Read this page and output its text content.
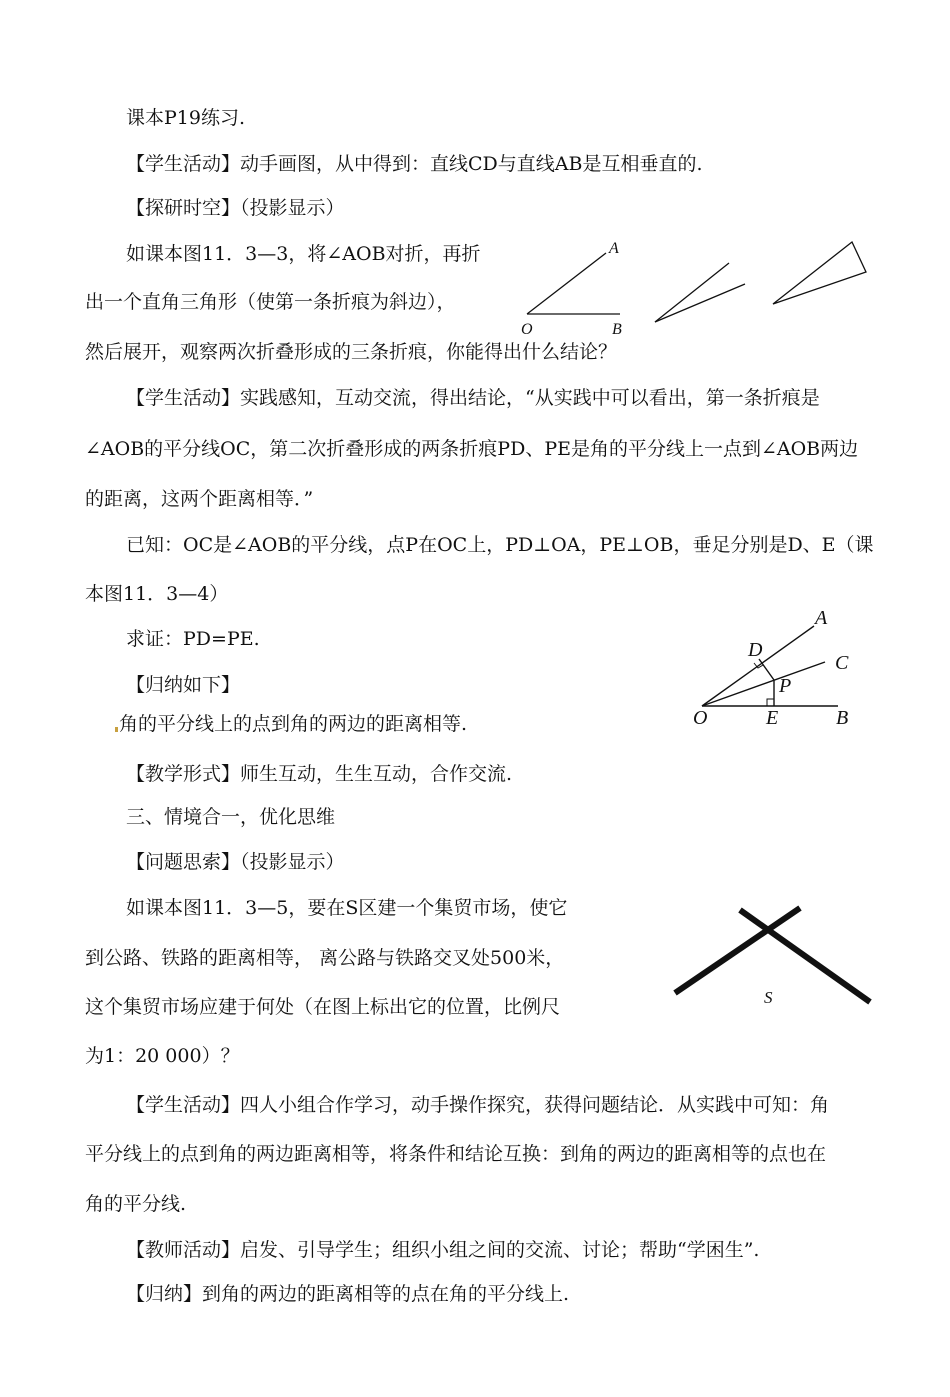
课本P19练习.
【学生活动】动手画图，从中得到：直线CD与直线AB是互相垂直的.
【探研时空】（投影显示）
如课本图11．3—3，将∠AOB对折，再折
出一个直角三角形（使第一条折痕为斜边），
然后展开，观察两次折叠形成的三条折痕，你能得出什么结论？
【学生活动】实践感知，互动交流，得出结论，“从实践中可以看出，第一条折痕是
∠AOB的平分线OC，第二次折叠形成的两条折痕PD、PE是角的平分线上一点到∠AOB两边
的距离，这两个距离相等．”
已知：OC是∠AOB的平分线，点P在OC上，PD⊥OA，PE⊥OB，垂足分别是D、E（课
本图11．3—4）
求证：PD=PE.
【归纳如下】
角的平分线上的点到角的两边的距离相等.
【教学形式】师生互动，生生互动，合作交流.
三、情境合一，优化思维
【问题思索】（投影显示）
如课本图11．3—5，要在S区建一个集贸市场，使它
到公路、铁路的距离相等， 离公路与铁路交叉处500米，
这个集贸市场应建于何处（在图上标出它的位置，比例尺
为1：20 000）？
【学生活动】四人小组合作学习，动手操作探究，获得问题结论．从实践中可知：角
平分线上的点到角的两边距离相等，将条件和结论互换：到角的两边的距离相等的点也在
角的平分线.
【教师活动】启发、引导学生；组织小组之间的交流、讨论；帮助“学困生”.
【归纳】到角的两边的距离相等的点在角的平分线上.
A
O	B
A
D
C
P
O	E	B
S
